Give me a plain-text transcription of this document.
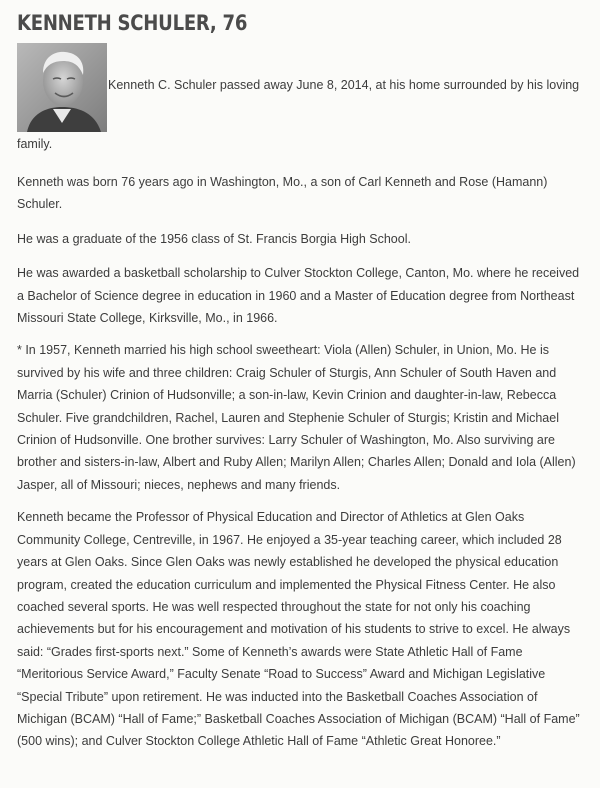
KENNETH SCHULER, 76

Kenneth C. Schuler passed away June 8, 2014, at his home surrounded by his loving

family.

Kenneth was born 76 years ago in Washington, Mo., a son of Carl Kenneth and Rose (Hamann) Schuler.

He was a graduate of the 1956 class of St. Francis Borgia High School.

He was awarded a basketball scholarship to Culver Stockton College, Canton, Mo. where he received a Bachelor of Science degree in education in 1960 and a Master of Education degree from Northeast Missouri State College, Kirksville, Mo., in 1966.

* In 1957, Kenneth married his high school sweetheart: Viola (Allen) Schuler, in Union, Mo. He is survived by his wife and three children: Craig Schuler of Sturgis, Ann Schuler of South Haven and Marria (Schuler) Crinion of Hudsonville; a son-in-law, Kevin Crinion and daughter-in-law, Rebecca Schuler. Five grandchildren, Rachel, Lauren and Stephenie Schuler of Sturgis; Kristin and Michael Crinion of Hudsonville. One brother survives: Larry Schuler of Washington, Mo. Also surviving are brother and sisters-in-law, Albert and Ruby Allen; Marilyn Allen; Charles Allen; Donald and Iola (Allen) Jasper, all of Missouri; nieces, nephews and many friends.

Kenneth became the Professor of Physical Education and Director of Athletics at Glen Oaks Community College, Centreville, in 1967. He enjoyed a 35-year teaching career, which included 28 years at Glen Oaks. Since Glen Oaks was newly established he developed the physical education program, created the education curriculum and implemented the Physical Fitness Center. He also coached several sports. He was well respected throughout the state for not only his coaching achievements but for his encouragement and motivation of his students to strive to excel. He always said: “Grades first-sports next.” Some of Kenneth’s awards were State Athletic Hall of Fame “Meritorious Service Award,” Faculty Senate “Road to Success” Award and Michigan Legislative “Special Tribute” upon retirement. He was inducted into the Basketball Coaches Association of Michigan (BCAM) “Hall of Fame;” Basketball Coaches Association of Michigan (BCAM) “Hall of Fame” (500 wins); and Culver Stockton College Athletic Hall of Fame “Athletic Great Honoree.”
